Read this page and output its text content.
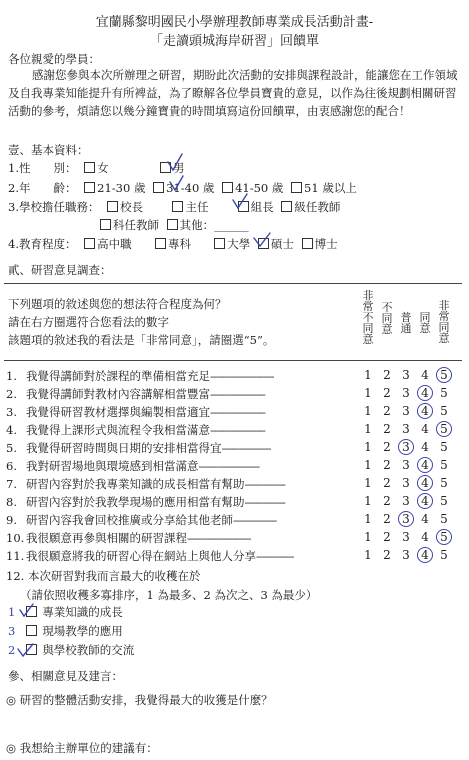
宜蘭縣黎明國民小學辦理教師專業成長活動計畫-
「走讀頭城海岸研習」回饋單
各位親愛的學員：
感謝您參與本次所辦理之研習，期盼此次活動的安排與課程設計，能讓您在工作領域及自我專業知能提升有所裨益，為了瞭解各位學員寶貴的意見，以作為往後規劃相關研習活動的參考，煩請您以幾分鐘寶貴的時間填寫這份回饋單，由衷感謝您的配合！
壹、基本資料：
1.性　　別： 女	男
2.年　　齡： 21-30 歲 31-40 歲 41-50 歲 51 歲以上
3.學校擔任職務： 校長	主任	組長 級任教師
科任教師 其他：______
4.教育程度： 高中職	專科	大學 碩士 博士
貳、研習意見調查：
下列題項的敘述與您的想法符合程度為何？
請在右方圈選符合您看法的數字
該題項的敘述我的看法是「非常同意」，請圈選“5”。
非常不同意
不同意
普通
同意
非常同意
1. 我覺得講師對於課程的準備相當充足----------------------	1 2 3 4 5
2. 我覺得講師對教材內容講解相當豐富-------------------	1 2 3 4 5
3. 我覺得研習教材選擇與編製相當適宜-------------------	1 2 3 4 5
4. 我覺得上課形式與流程令我相當滿意-------------------	1 2 3 4 5
5. 我覺得研習時間與日期的安排相當得宜-----------------	1 2 3 4 5
6. 我對研習場地與環境感到相當滿意---------------------	1 2 3 4 5
7. 研習內容對於我專業知識的成長相當有幫助--------------	1 2 3 4 5
8. 研習內容對於我教學現場的應用相當有幫助--------------	1 2 3 4 5
9. 研習內容我會回校推廣或分享給其他老師---------------	1 2 3 4 5
10. 我很願意再參與相關的研習課程----------------------	1 2 3 4 5
11. 我很願意將我的研習心得在網站上與他人分享-------------	1 2 3 4 5
12. 本次研習對我而言最大的收穫在於
（請依照收穫多寡排序，1 為最多、2 為次之、3 為最少）
1 專業知識的成長
3 現場教學的應用
2 與學校教師的交流
參、相關意見及建言：
◎ 研習的整體活動安排，我覺得最大的收獲是什麼？
◎ 我想給主辦單位的建議有：
